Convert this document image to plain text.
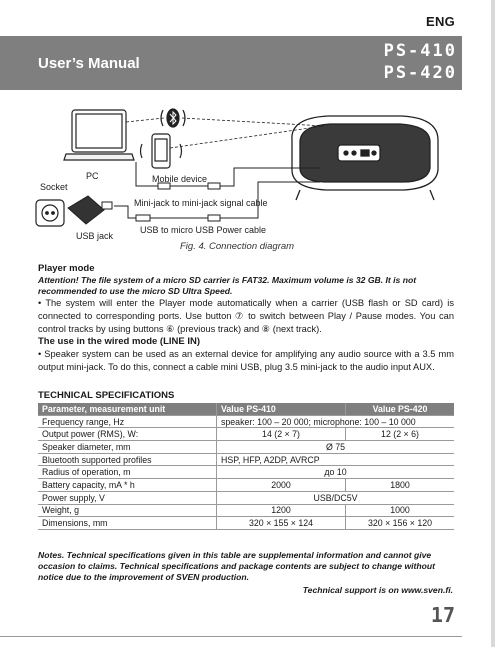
ENG
User’s Manual
PS-410
PS-420
PC
Socket
Mobile device
Mini-jack to mini-jack signal cable
USB jack
USB to micro USB Power cable
Fig. 4. Connection diagram
Player mode
Attention! The file system of a micro SD carrier is FAT32. Maximum volume is 32 GB. It is not recommended to use the micro SD Ultra Speed.
• The system will enter the Player mode automatically when a carrier (USB flash or SD card) is connected to corresponding ports. Use button ⑦ to switch between Play / Pause modes. You can control tracks by using buttons ⑥ (previous track) and ⑧ (next track).
The use in the wired mode (LINE IN)
• Speaker system can be used as an external device for amplifying any audio source with a 3.5 mm output mini-jack. To do this, connect a cable mini USB, plug 3.5 mini-jack to the audio input AUX.
TECHNICAL SPECIFICATIONS
Parameter, measurement unit	Value PS-410	Value PS-420
Frequency range, Hz	speaker: 100 – 20 000; microphone: 100 – 10 000	
Output power (RMS), W:	14 (2 × 7)	12 (2 × 6)
Speaker diameter, mm	Ø 75	
Bluetooth supported profiles	HSP, HFP, A2DP, AVRCP	
Radius of operation, m	до 10	
Battery capacity, mA * h	2000	1800
Power supply, V	USB/DC5V	
Weight, g	1200	1000
Dimensions, mm	320 × 155 × 124	320 × 156 × 120
Notes. Technical specifications given in this table are supplemental information and cannot give occasion to claims. Technical specifications and package contents are subject to change without notice due to the improvement of SVEN production.
Technical support is on www.sven.fi.
17
